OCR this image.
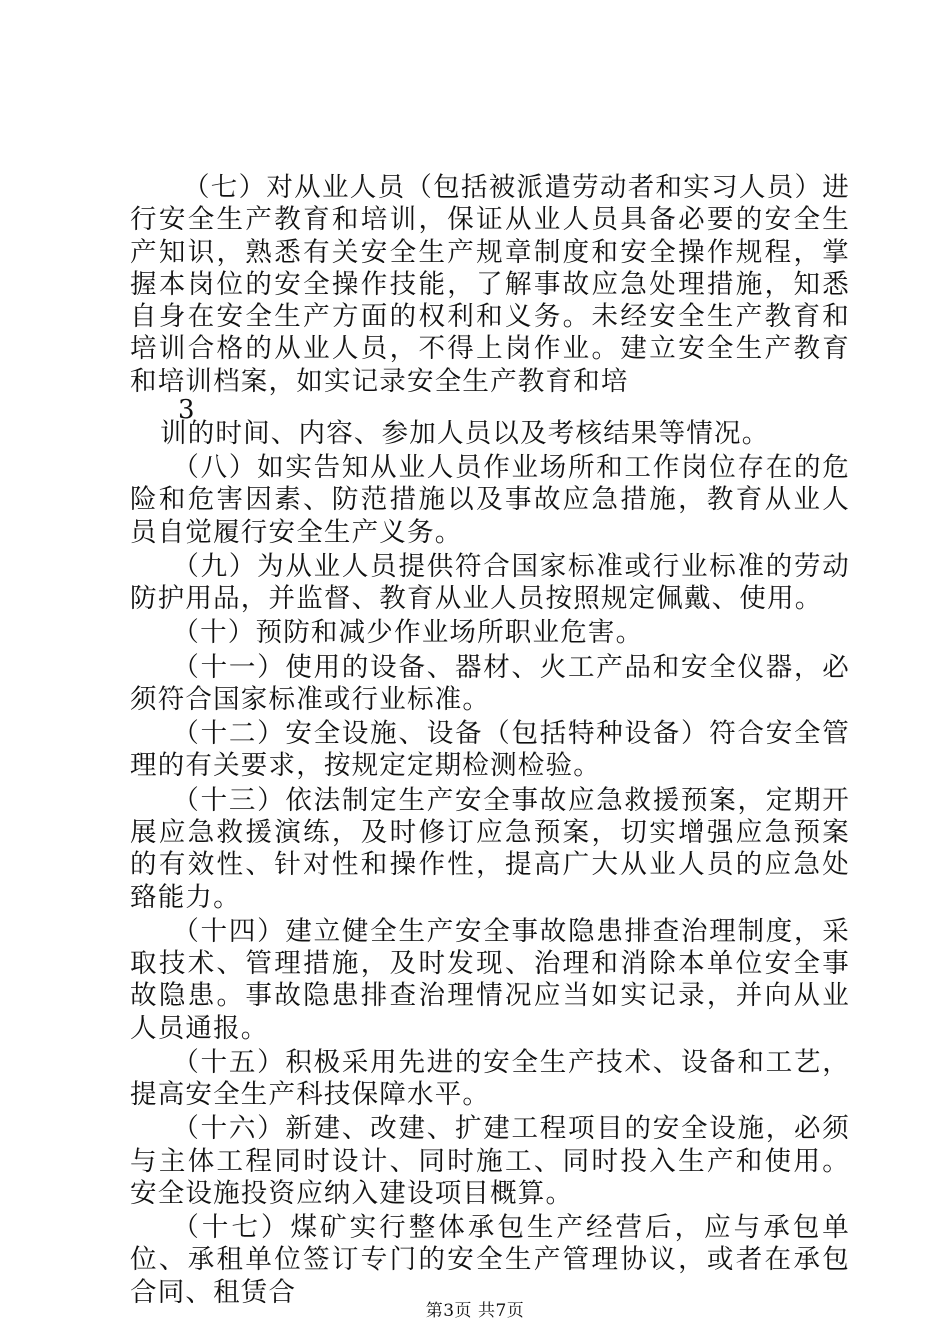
（七）对从业人员（包括被派遣劳动者和实习人员）进行安全生产教育和培训，保证从业人员具备必要的安全生产知识，熟悉有关安全生产规章制度和安全操作规程，掌握本岗位的安全操作技能，了解事故应急处理措施，知悉自身在安全生产方面的权利和义务。未经安全生产教育和培训合格的从业人员，不得上岗作业。建立安全生产教育和培训档案，如实记录安全生产教育和培

3

训的时间、内容、参加人员以及考核结果等情况。

（八）如实告知从业人员作业场所和工作岗位存在的危险和危害因素、防范措施以及事故应急措施，教育从业人员自觉履行安全生产义务。

（九）为从业人员提供符合国家标准或行业标准的劳动防护用品，并监督、教育从业人员按照规定佩戴、使用。

（十）预防和减少作业场所职业危害。

（十一）使用的设备、器材、火工产品和安全仪器，必须符合国家标准或行业标准。

（十二）安全设施、设备（包括特种设备）符合安全管理的有关要求，按规定定期检测检验。

（十三）依法制定生产安全事故应急救援预案，定期开展应急救援演练，及时修订应急预案，切实增强应急预案的有效性、针对性和操作性，提高广大从业人员的应急处臵能力。

（十四）建立健全生产安全事故隐患排查治理制度，采取技术、管理措施，及时发现、治理和消除本单位安全事故隐患。事故隐患排查治理情况应当如实记录，并向从业人员通报。

（十五）积极采用先进的安全生产技术、设备和工艺，提高安全生产科技保障水平。

（十六）新建、改建、扩建工程项目的安全设施，必须与主体工程同时设计、同时施工、同时投入生产和使用。安全设施投资应纳入建设项目概算。

（十七）煤矿实行整体承包生产经营后，应与承包单位、承租单位签订专门的安全生产管理协议，或者在承包合同、租赁合

第3页 共7页
